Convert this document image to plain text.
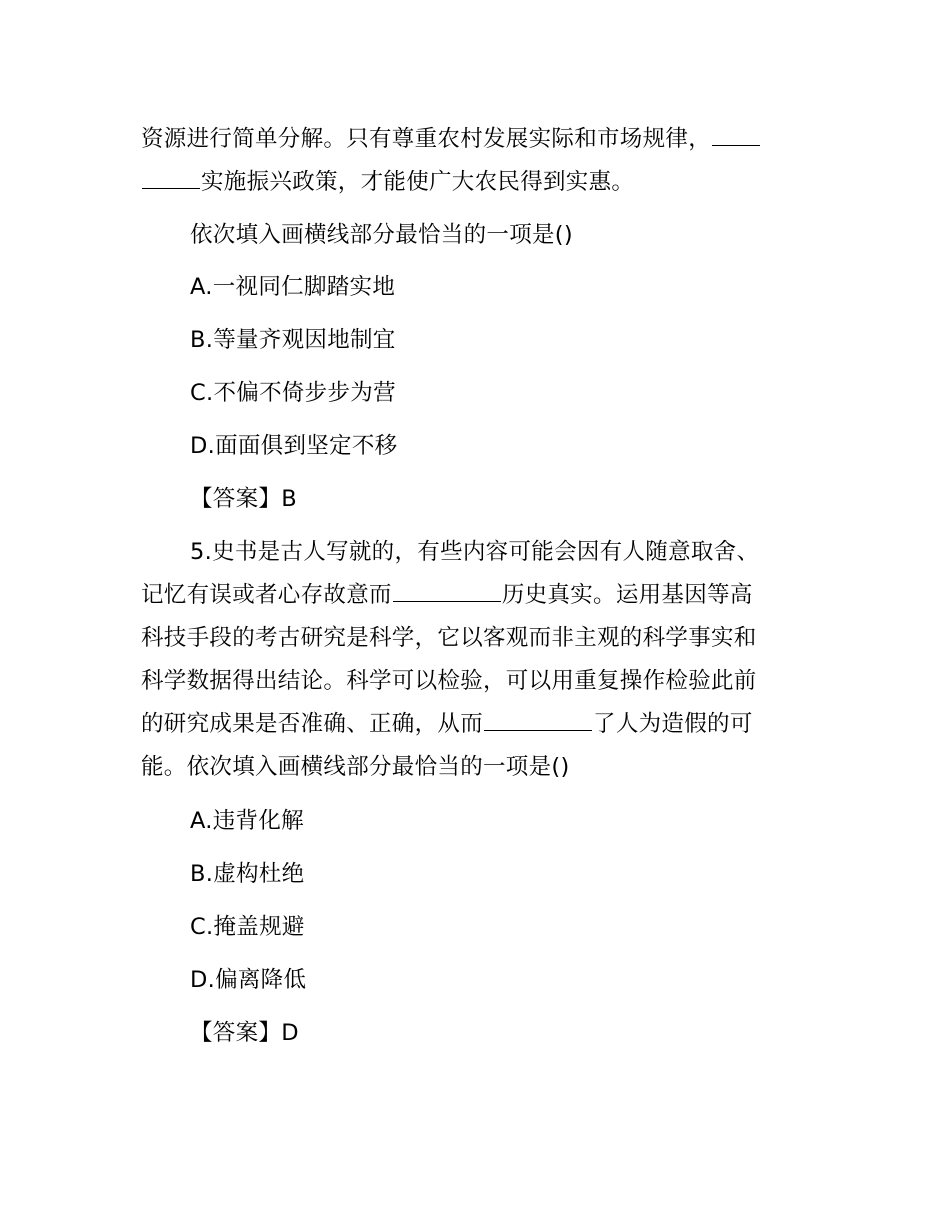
资源进行简单分解。只有尊重农村发展实际和市场规律，
实施振兴政策，才能使广大农民得到实惠。
依次填入画横线部分最恰当的一项是()
A.一视同仁脚踏实地
B.等量齐观因地制宜
C.不偏不倚步步为营
D.面面俱到坚定不移
【答案】B
5.史书是古人写就的，有些内容可能会因有人随意取舍、
记忆有误或者心存故意而	历史真实。运用基因等高
科技手段的考古研究是科学，它以客观而非主观的科学事实和
科学数据得出结论。科学可以检验，可以用重复操作检验此前
的研究成果是否准确、正确，从而	了人为造假的可
能。依次填入画横线部分最恰当的一项是()
A.违背化解
B.虚构杜绝
C.掩盖规避
D.偏离降低
【答案】D
